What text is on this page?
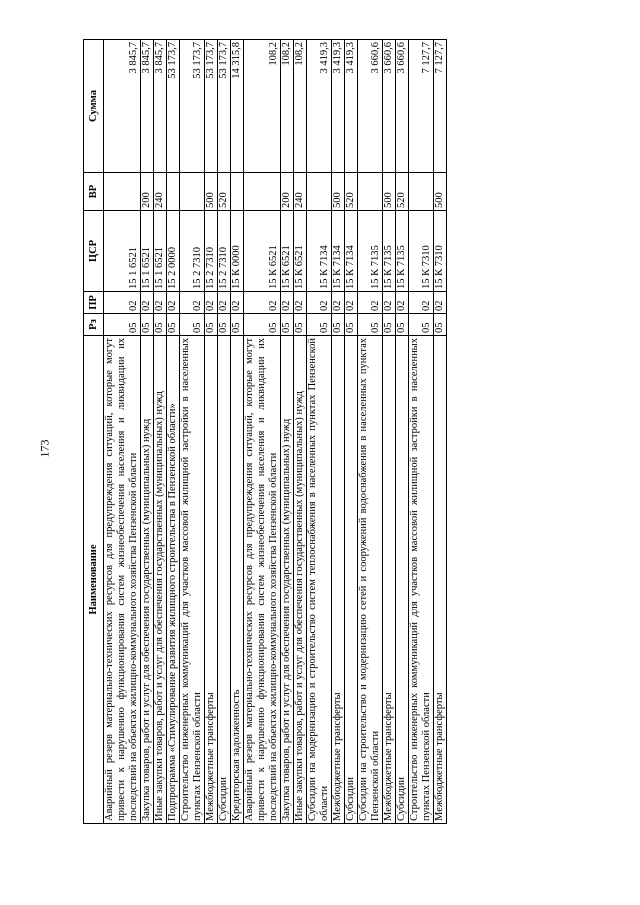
173
Наименование	Рз	ПР	ЦСР	ВР	Сумма
Аварийный резерв материально-технических ресурсов для предупреждения ситуаций, которые могут привести к нарушению функционирования систем жизнеобеспечения населения и ликвидации их последствий на объектах жилищно-коммунального хозяйства Пензенской области	05	02	15 1 6521		3 845,7
Закупка товаров, работ и услуг для обеспечения государственных (муниципальных) нужд	05	02	15 1 6521	200	3 845,7
Иные закупки товаров, работ и услуг для обеспечения государственных (муниципальных) нужд	05	02	15 1 6521	240	3 845,7
Подпрограмма «Стимулирование развития жилищного строительства в Пензенской области»	05	02	15 2 0000		53 173,7
Строительство инженерных коммуникаций для участков массовой жилищной застройки в населенных пунктах Пензенской области	05	02	15 2 7310		53 173,7
Межбюджетные трансферты	05	02	15 2 7310	500	53 173,7
Субсидии	05	02	15 2 7310	520	53 173,7
Кредиторская задолженность	05	02	15 К 0000		14 315,8
Аварийный резерв материально-технических ресурсов для предупреждения ситуаций, которые могут привести к нарушению функционирования систем жизнеобеспечения населения и ликвидации их последствий на объектах жилищно-коммунального хозяйства Пензенской области	05	02	15 К 6521		108,2
Закупка товаров, работ и услуг для обеспечения государственных (муниципальных) нужд	05	02	15 К 6521	200	108,2
Иные закупки товаров, работ и услуг для обеспечения государственных (муниципальных) нужд	05	02	15 К 6521	240	108,2
Субсидии на модернизацию и строительство систем теплоснабжения в населенных пунктах Пензенской области	05	02	15 К 7134		3 419,3
Межбюджетные трансферты	05	02	15 К 7134	500	3 419,3
Субсидии	05	02	15 К 7134	520	3 419,3
Субсидии на строительство и модернизацию сетей и сооружений водоснабжения в населенных пунктах Пензенской области	05	02	15 К 7135		3 660,6
Межбюджетные трансферты	05	02	15 К 7135	500	3 660,6
Субсидии	05	02	15 К 7135	520	3 660,6
Строительство инженерных коммуникаций для участков массовой жилищной застройки в населенных пунктах Пензенской области	05	02	15 К 7310		7 127,7
Межбюджетные трансферты	05	02	15 К 7310	500	7 127,7
